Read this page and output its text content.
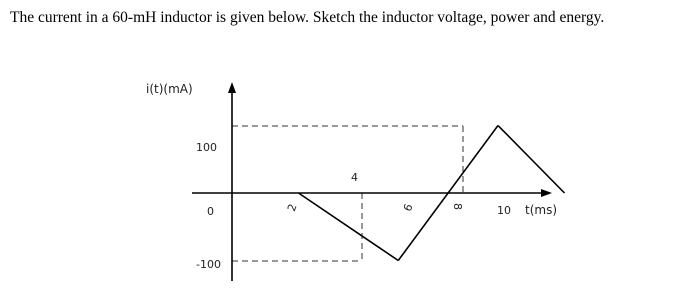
The current in a 60-mH inductor is given below. Sketch the inductor voltage, power and energy.
i(t)(mA)
100
0
-100
2
4
6	8	10 t(ms)
